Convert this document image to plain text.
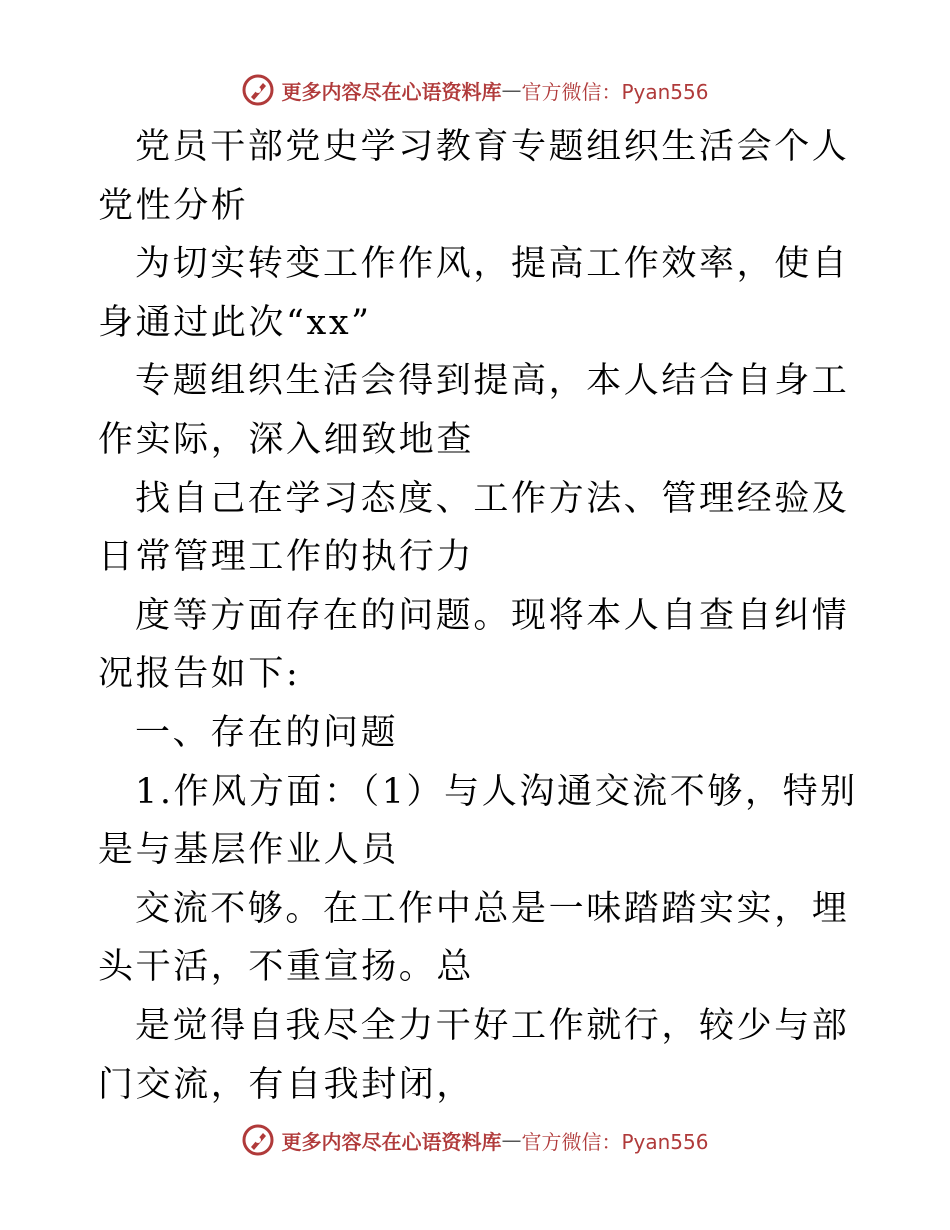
更多内容尽在心语资料库 — 官方微信：Pyan556

党员干部党史学习教育专题组织生活会个人党性分析

为切实转变工作作风，提高工作效率，使自身通过此次“xx”

专题组织生活会得到提高，本人结合自身工作实际，深入细致地查

找自己在学习态度、工作方法、管理经验及日常管理工作的执行力

度等方面存在的问题。现将本人自查自纠情况报告如下:

一、存在的问题

1.作风方面：（1）与人沟通交流不够，特别是与基层作业人员

交流不够。在工作中总是一味踏踏实实，埋头干活，不重宣扬。总

是觉得自我尽全力干好工作就行，较少与部门交流，有自我封闭，

更多内容尽在心语资料库 — 官方微信：Pyan556
